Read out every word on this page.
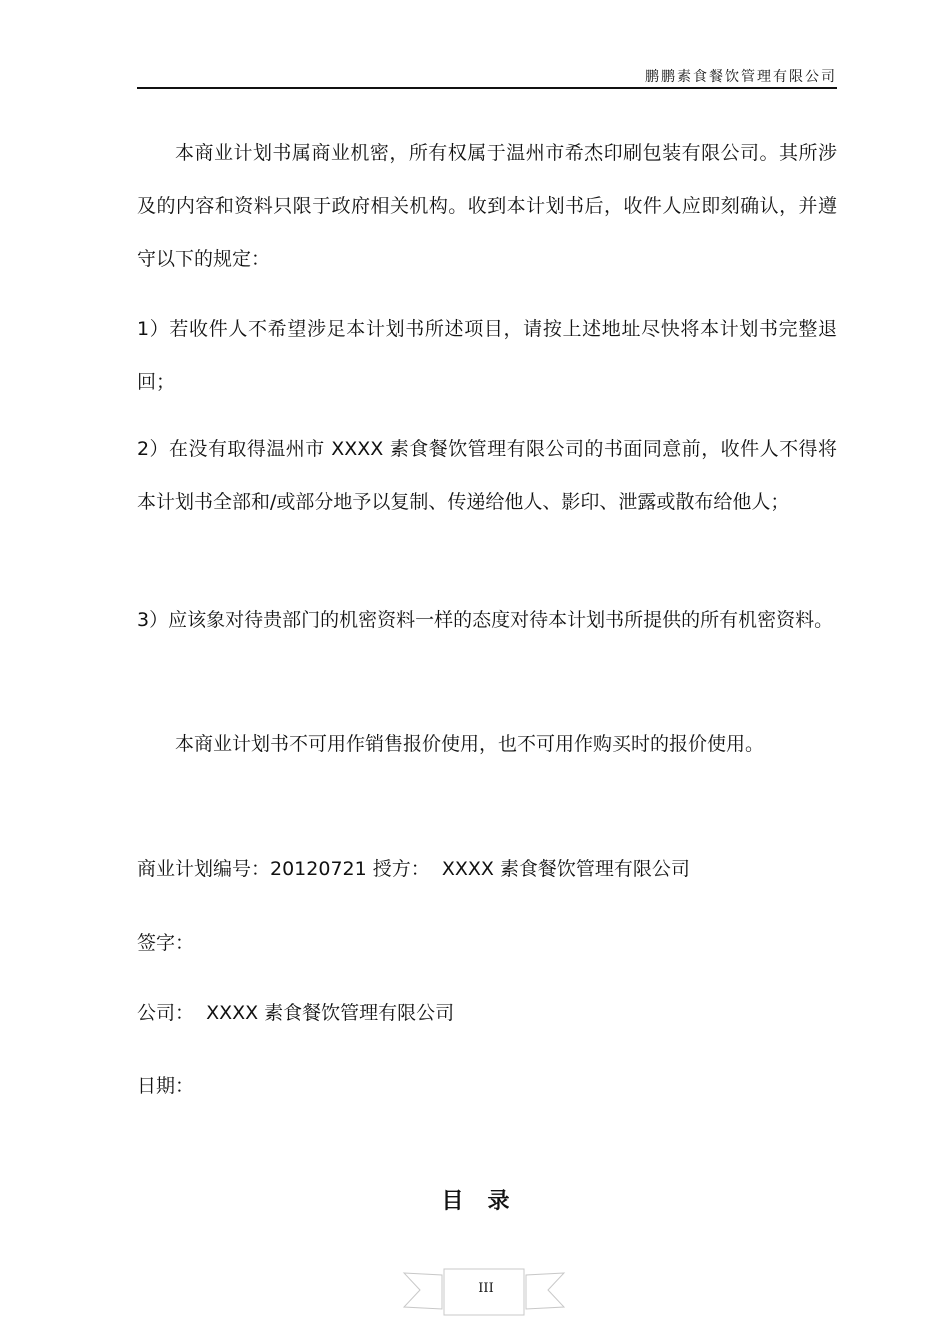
鹏鹏素食餐饮管理有限公司

本商业计划书属商业机密，所有权属于温州市希杰印刷包装有限公司。其所涉及的内容和资料只限于政府相关机构。收到本计划书后，收件人应即刻确认，并遵守以下的规定：

1）若收件人不希望涉足本计划书所述项目，请按上述地址尽快将本计划书完整退回；

2）在没有取得温州市 XXXX 素食餐饮管理有限公司的书面同意前，收件人不得将本计划书全部和/或部分地予以复制、传递给他人、影印、泄露或散布给他人；

3）应该象对待贵部门的机密资料一样的态度对待本计划书所提供的所有机密资料。

本商业计划书不可用作销售报价使用，也不可用作购买时的报价使用。

商业计划编号：20120721 授方：  XXXX 素食餐饮管理有限公司
签字：
公司：  XXXX 素食餐饮管理有限公司
日期：
目录
III
